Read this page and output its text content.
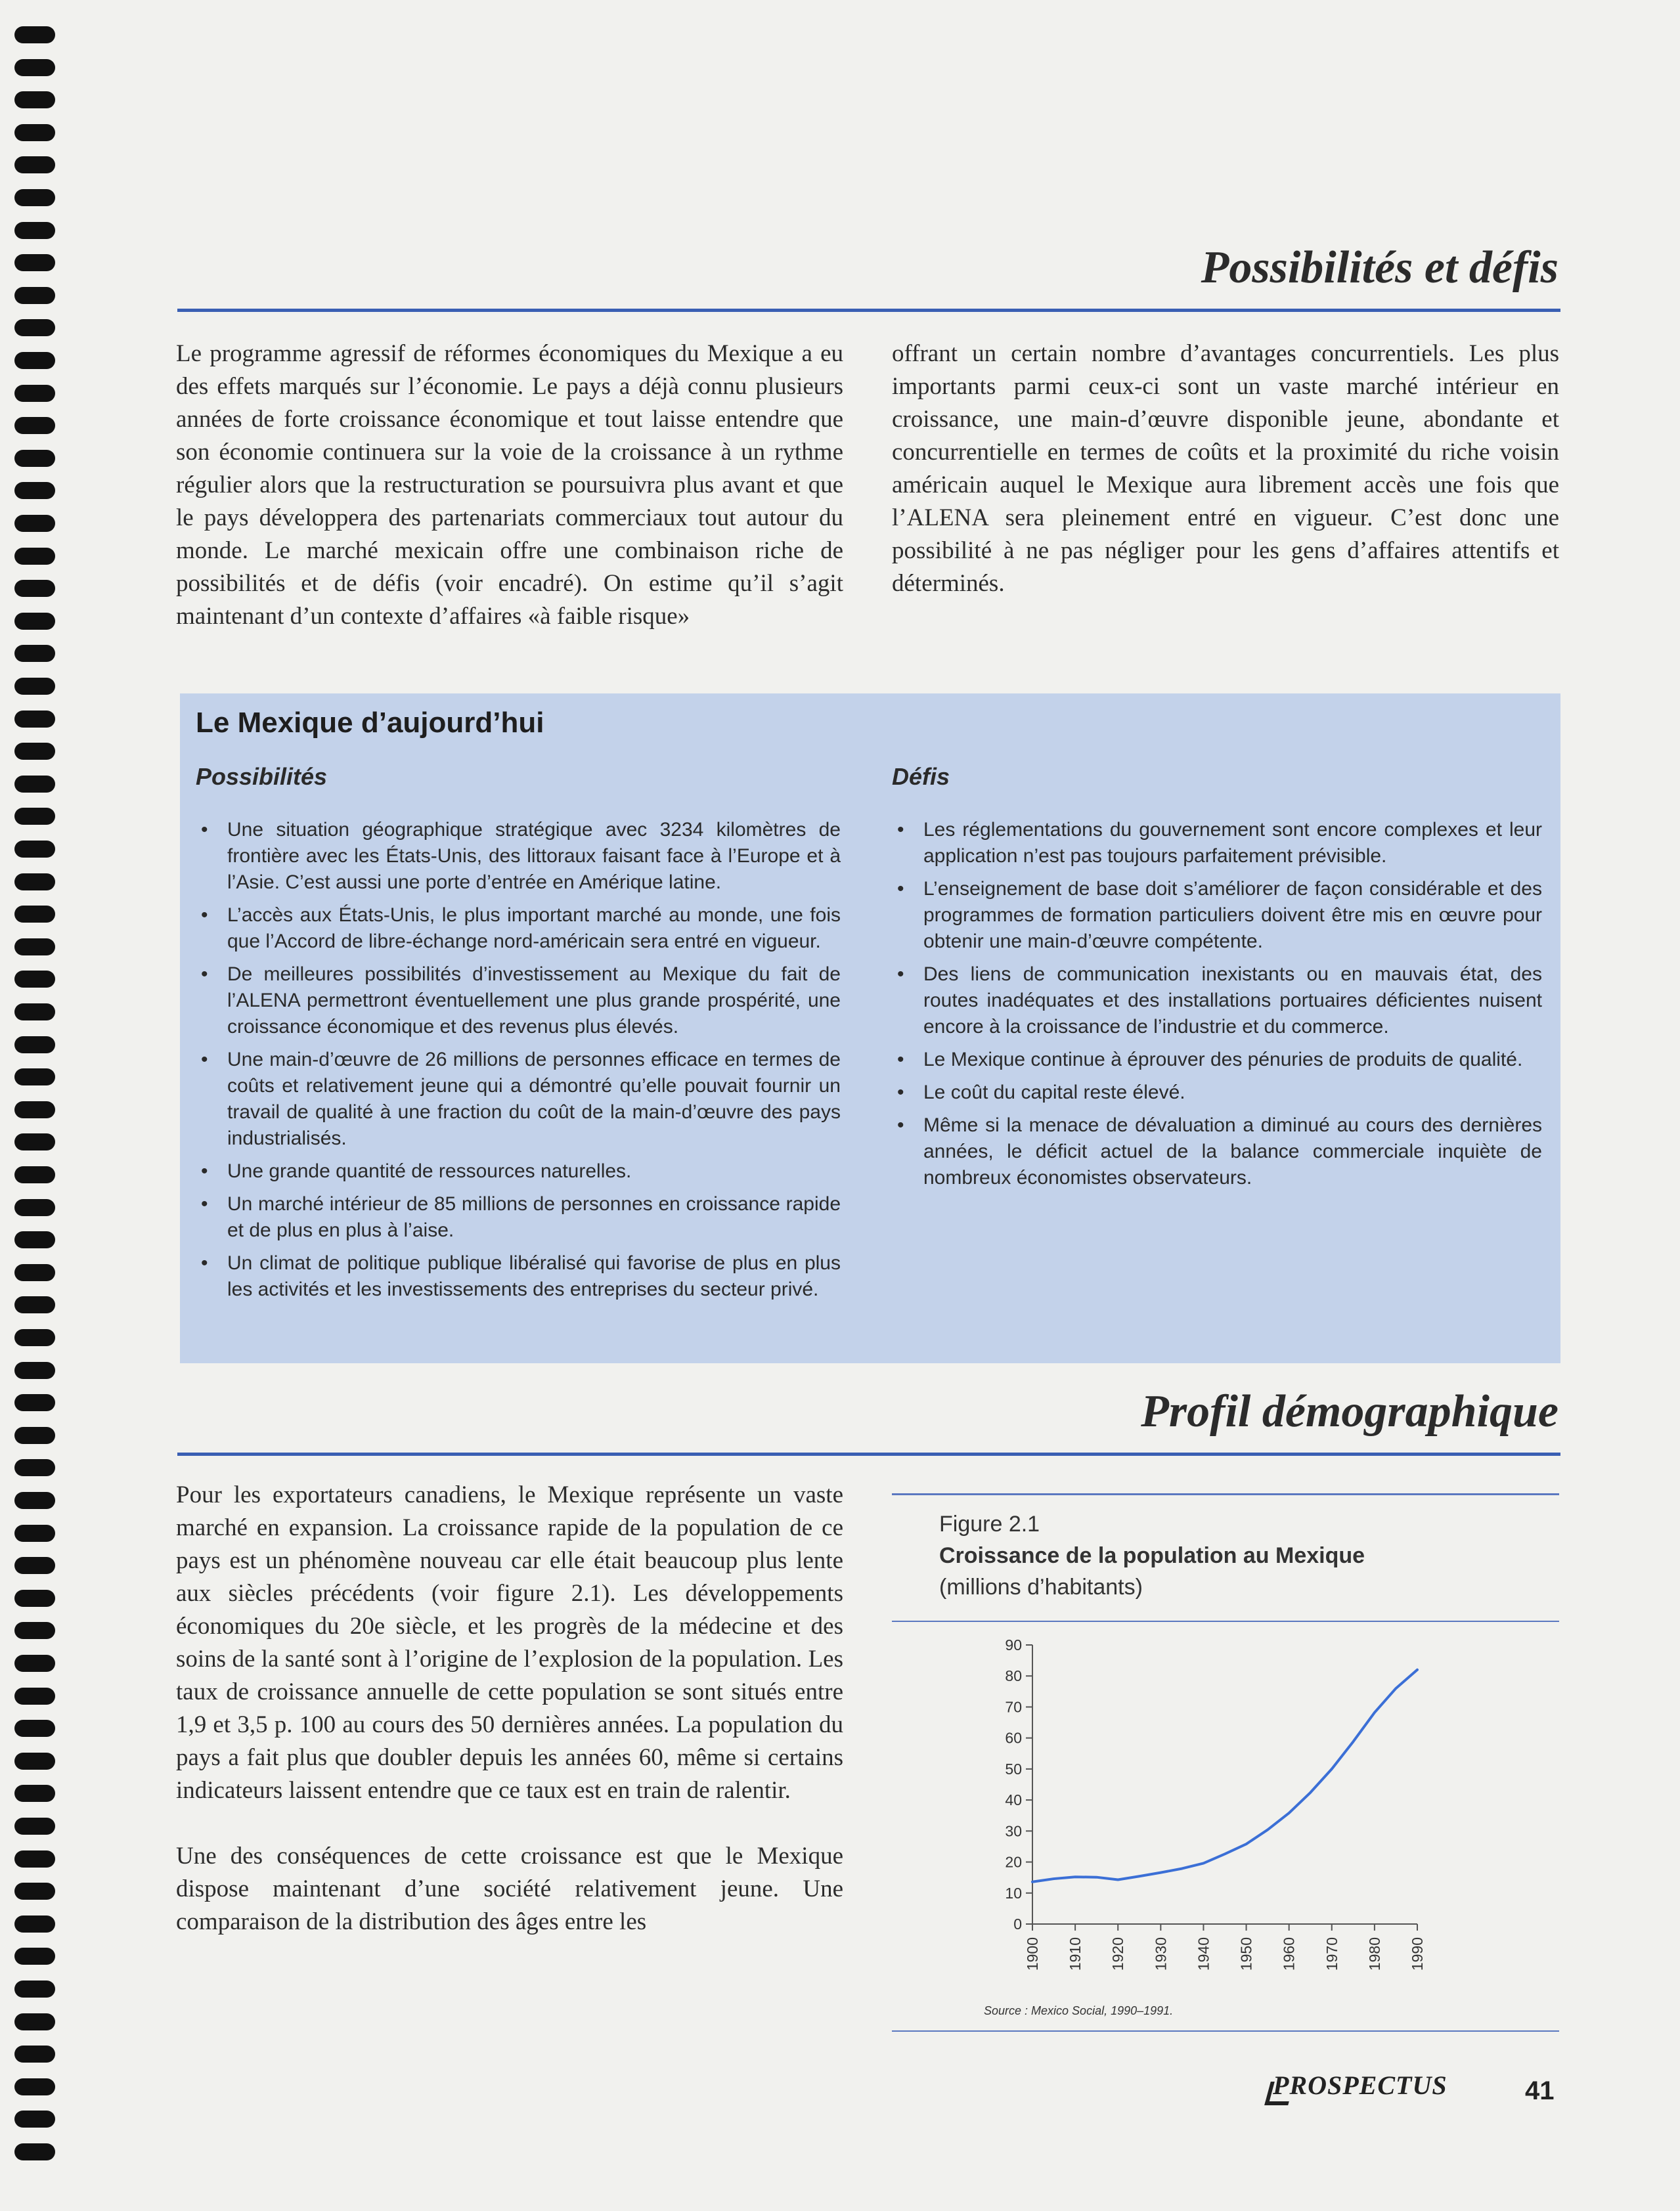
Possibilités et défis

Le programme agressif de réformes économiques du Mexique a eu des effets marqués sur l’économie. Le pays a déjà connu plusieurs années de forte croissance économique et tout laisse entendre que son économie continuera sur la voie de la croissance à un rythme régulier alors que la restructuration se poursuivra plus avant et que le pays développera des partenariats commerciaux tout autour du monde. Le marché mexicain offre une combinaison riche de possibilités et de défis (voir encadré). On estime qu’il s’agit maintenant d’un contexte d’affaires «à faible risque»

offrant un certain nombre d’avantages concurrentiels. Les plus importants parmi ceux-ci sont un vaste marché intérieur en croissance, une main-d’œuvre disponible jeune, abondante et concurrentielle en termes de coûts et la proximité du riche voisin américain auquel le Mexique aura librement accès une fois que l’ALENA sera pleinement entré en vigueur. C’est donc une possibilité à ne pas négliger pour les gens d’affaires attentifs et déterminés.

Le Mexique d’aujourd’hui
Possibilités	Défis
• Une situation géographique stratégique avec 3234 kilomètres de frontière avec les États-Unis, des littoraux faisant face à l’Europe et à l’Asie. C’est aussi une porte d’entrée en Amérique latine.
• L’accès aux États-Unis, le plus important marché au monde, une fois que l’Accord de libre-échange nord-américain sera entré en vigueur.
• De meilleures possibilités d’investissement au Mexique du fait de l’ALENA permettront éventuellement une plus grande prospérité, une croissance économique et des revenus plus élevés.
• Une main-d’œuvre de 26 millions de personnes efficace en termes de coûts et relativement jeune qui a démontré qu’elle pouvait fournir un travail de qualité à une fraction du coût de la main-d’œuvre des pays industrialisés.
• Une grande quantité de ressources naturelles.
• Un marché intérieur de 85 millions de personnes en croissance rapide et de plus en plus à l’aise.
• Un climat de politique publique libéralisé qui favorise de plus en plus les activités et les investissements des entreprises du secteur privé.
• Les réglementations du gouvernement sont encore complexes et leur application n’est pas toujours parfaitement prévisible.
• L’enseignement de base doit s’améliorer de façon considérable et des programmes de formation particuliers doivent être mis en œuvre pour obtenir une main-d’œuvre compétente.
• Des liens de communication inexistants ou en mauvais état, des routes inadéquates et des installations portuaires déficientes nuisent encore à la croissance de l’industrie et du commerce.
• Le Mexique continue à éprouver des pénuries de produits de qualité.
• Le coût du capital reste élevé.
• Même si la menace de dévaluation a diminué au cours des dernières années, le déficit actuel de la balance commerciale inquiète de nombreux économistes observateurs.
Profil démographique

Pour les exportateurs canadiens, le Mexique représente un vaste marché en expansion. La croissance rapide de la population de ce pays est un phénomène nouveau car elle était beaucoup plus lente aux siècles précédents (voir figure 2.1). Les développements économiques du 20e siècle, et les progrès de la médecine et des soins de la santé sont à l’origine de l’explosion de la population. Les taux de croissance annuelle de cette population se sont situés entre 1,9 et 3,5 p. 100 au cours des 50 dernières années. La population du pays a fait plus que doubler depuis les années 60, même si certains indicateurs laissent entendre que ce taux est en train de ralentir.

Une des conséquences de cette croissance est que le Mexique dispose maintenant d’une société relativement jeune. Une comparaison de la distribution des âges entre les

Figure 2.1
Croissance de la population au Mexique
(millions d’habitants)
0
10
20
30
40
50
60
70
80
90
1900 1910 1920 1930 1940 1950 1960 1970 1980 1990
Source : Mexico Social, 1990–1991.
PROSPECTUS	41
